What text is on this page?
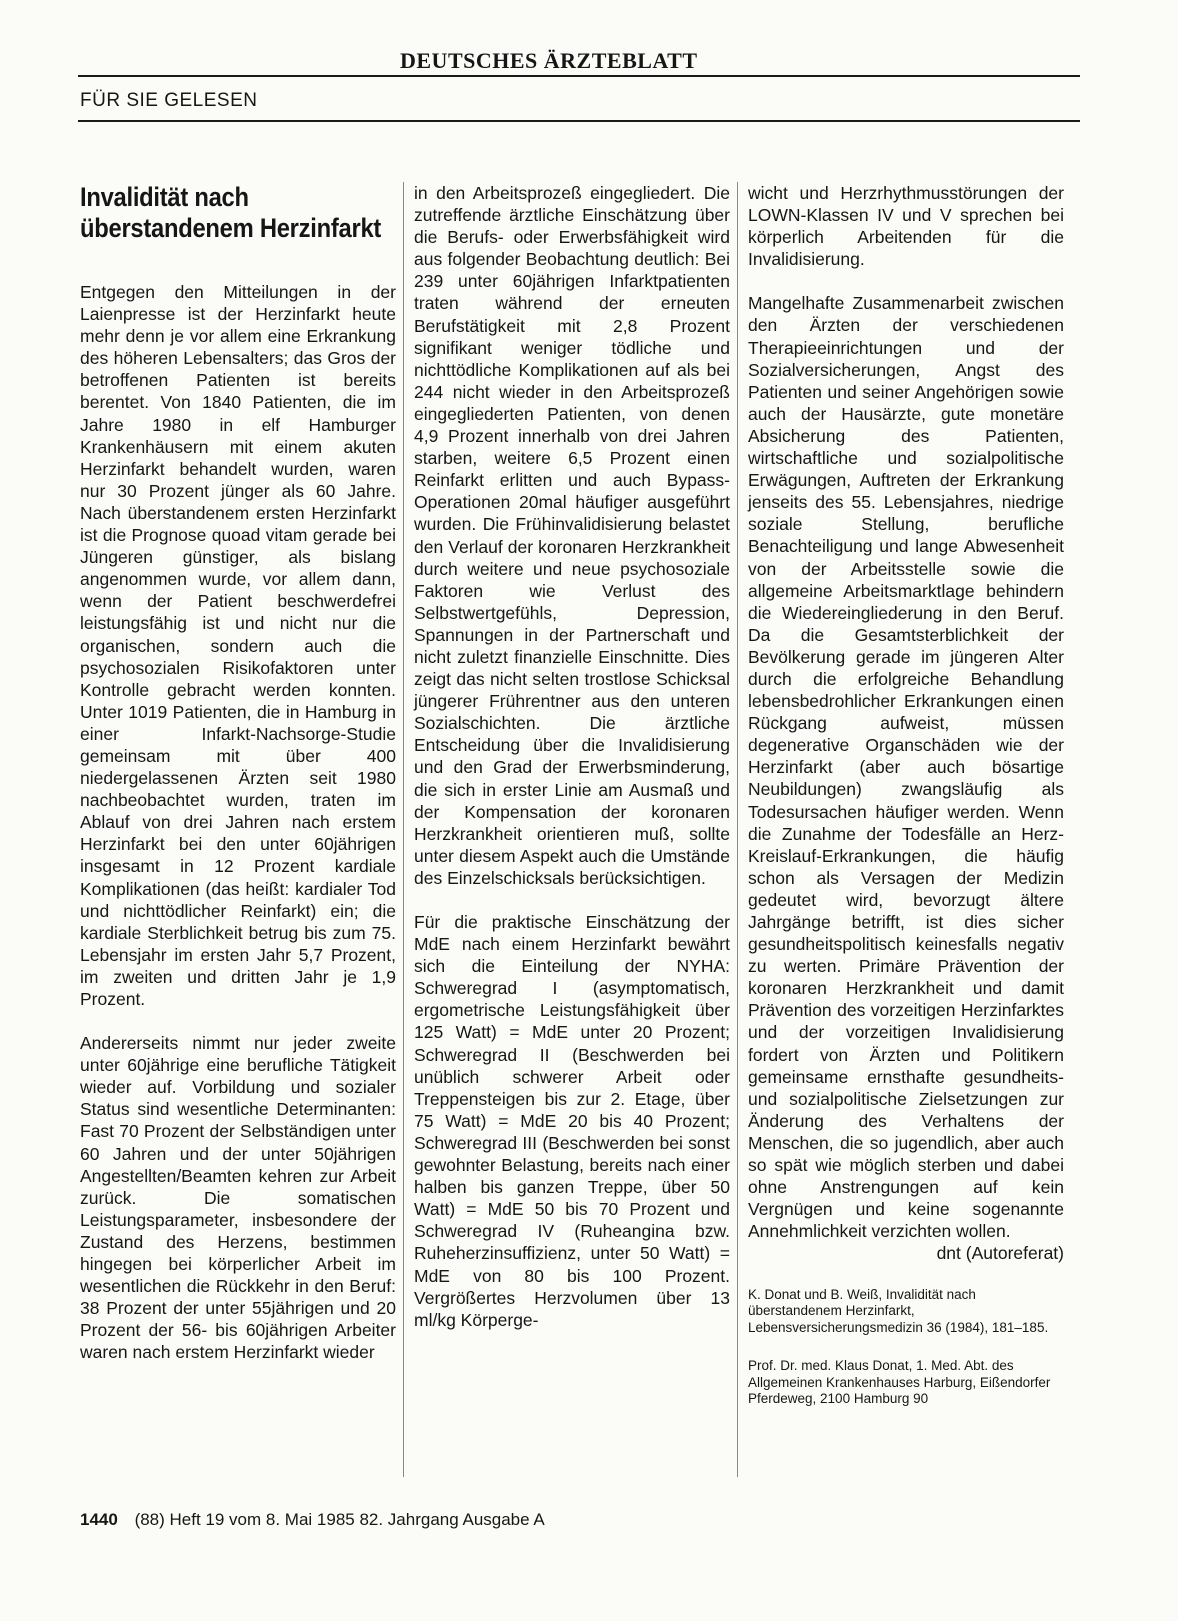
DEUTSCHES ÄRZTEBLATT
FÜR SIE GELESEN
Invalidität nach überstandenem Herzinfarkt

Entgegen den Mitteilungen in der Laienpresse ist der Herzinfarkt heute mehr denn je vor allem eine Erkrankung des höheren Lebensalters; das Gros der betroffenen Patienten ist bereits berentet. Von 1840 Patienten, die im Jahre 1980 in elf Hamburger Krankenhäusern mit einem akuten Herzinfarkt behandelt wurden, waren nur 30 Prozent jünger als 60 Jahre. Nach überstandenem ersten Herzinfarkt ist die Prognose quoad vitam gerade bei Jüngeren günstiger, als bislang angenommen wurde, vor allem dann, wenn der Patient beschwerdefrei leistungsfähig ist und nicht nur die organischen, sondern auch die psychosozialen Risikofaktoren unter Kontrolle gebracht werden konnten. Unter 1019 Patienten, die in Hamburg in einer Infarkt-Nachsorge-Studie gemeinsam mit über 400 niedergelassenen Ärzten seit 1980 nachbeobachtet wurden, traten im Ablauf von drei Jahren nach erstem Herzinfarkt bei den unter 60jährigen insgesamt in 12 Prozent kardiale Komplikationen (das heißt: kardialer Tod und nichttödlicher Reinfarkt) ein; die kardiale Sterblichkeit betrug bis zum 75. Lebensjahr im ersten Jahr 5,7 Prozent, im zweiten und dritten Jahr je 1,9 Prozent.

Andererseits nimmt nur jeder zweite unter 60jährige eine berufliche Tätigkeit wieder auf. Vorbildung und sozialer Status sind wesentliche Determinanten: Fast 70 Prozent der Selbständigen unter 60 Jahren und der unter 50jährigen Angestellten/Beamten kehren zur Arbeit zurück. Die somatischen Leistungsparameter, insbesondere der Zustand des Herzens, bestimmen hingegen bei körperlicher Arbeit im wesentlichen die Rückkehr in den Beruf: 38 Prozent der unter 55jährigen und 20 Prozent der 56- bis 60jährigen Arbeiter waren nach erstem Herzinfarkt wieder

in den Arbeitsprozeß eingegliedert. Die zutreffende ärztliche Einschätzung über die Berufs- oder Erwerbsfähigkeit wird aus folgender Beobachtung deutlich: Bei 239 unter 60jährigen Infarktpatienten traten während der erneuten Berufstätigkeit mit 2,8 Prozent signifikant weniger tödliche und nichttödliche Komplikationen auf als bei 244 nicht wieder in den Arbeitsprozeß eingegliederten Patienten, von denen 4,9 Prozent innerhalb von drei Jahren starben, weitere 6,5 Prozent einen Reinfarkt erlitten und auch Bypass-Operationen 20mal häufiger ausgeführt wurden. Die Frühinvalidisierung belastet den Verlauf der koronaren Herzkrankheit durch weitere und neue psychosoziale Faktoren wie Verlust des Selbstwertgefühls, Depression, Spannungen in der Partnerschaft und nicht zuletzt finanzielle Einschnitte. Dies zeigt das nicht selten trostlose Schicksal jüngerer Frührentner aus den unteren Sozialschichten. Die ärztliche Entscheidung über die Invalidisierung und den Grad der Erwerbsminderung, die sich in erster Linie am Ausmaß und der Kompensation der koronaren Herzkrankheit orientieren muß, sollte unter diesem Aspekt auch die Umstände des Einzelschicksals berücksichtigen.

Für die praktische Einschätzung der MdE nach einem Herzinfarkt bewährt sich die Einteilung der NYHA: Schweregrad I (asymptomatisch, ergometrische Leistungsfähigkeit über 125 Watt) = MdE unter 20 Prozent; Schweregrad II (Beschwerden bei unüblich schwerer Arbeit oder Treppensteigen bis zur 2. Etage, über 75 Watt) = MdE 20 bis 40 Prozent; Schweregrad III (Beschwerden bei sonst gewohnter Belastung, bereits nach einer halben bis ganzen Treppe, über 50 Watt) = MdE 50 bis 70 Prozent und Schweregrad IV (Ruheangina bzw. Ruheherzinsuffizienz, unter 50 Watt) = MdE von 80 bis 100 Prozent. Vergrößertes Herzvolumen über 13 ml/kg Körperge-

wicht und Herzrhythmusstörungen der LOWN-Klassen IV und V sprechen bei körperlich Arbeitenden für die Invalidisierung.

Mangelhafte Zusammenarbeit zwischen den Ärzten der verschiedenen Therapieeinrichtungen und der Sozialversicherungen, Angst des Patienten und seiner Angehörigen sowie auch der Hausärzte, gute monetäre Absicherung des Patienten, wirtschaftliche und sozialpolitische Erwägungen, Auftreten der Erkrankung jenseits des 55. Lebensjahres, niedrige soziale Stellung, berufliche Benachteiligung und lange Abwesenheit von der Arbeitsstelle sowie die allgemeine Arbeitsmarktlage behindern die Wiedereingliederung in den Beruf. Da die Gesamtsterblichkeit der Bevölkerung gerade im jüngeren Alter durch die erfolgreiche Behandlung lebensbedrohlicher Erkrankungen einen Rückgang aufweist, müssen degenerative Organschäden wie der Herzinfarkt (aber auch bösartige Neubildungen) zwangsläufig als Todesursachen häufiger werden. Wenn die Zunahme der Todesfälle an Herz-Kreislauf-Erkrankungen, die häufig schon als Versagen der Medizin gedeutet wird, bevorzugt ältere Jahrgänge betrifft, ist dies sicher gesundheitspolitisch keinesfalls negativ zu werten. Primäre Prävention der koronaren Herzkrankheit und damit Prävention des vorzeitigen Herzinfarktes und der vorzeitigen Invalidisierung fordert von Ärzten und Politikern gemeinsame ernsthafte gesundheits- und sozialpolitische Zielsetzungen zur Änderung des Verhaltens der Menschen, die so jugendlich, aber auch so spät wie möglich sterben und dabei ohne Anstrengungen auf kein Vergnügen und keine sogenannte Annehmlichkeit verzichten wollen.

dnt (Autoreferat)

K. Donat und B. Weiß, Invalidität nach überstandenem Herzinfarkt, Lebensversicherungsmedizin 36 (1984), 181–185.

Prof. Dr. med. Klaus Donat, 1. Med. Abt. des Allgemeinen Krankenhauses Harburg, Eißendorfer Pferdeweg, 2100 Hamburg 90

1440 (88) Heft 19 vom 8. Mai 1985 82. Jahrgang Ausgabe A
